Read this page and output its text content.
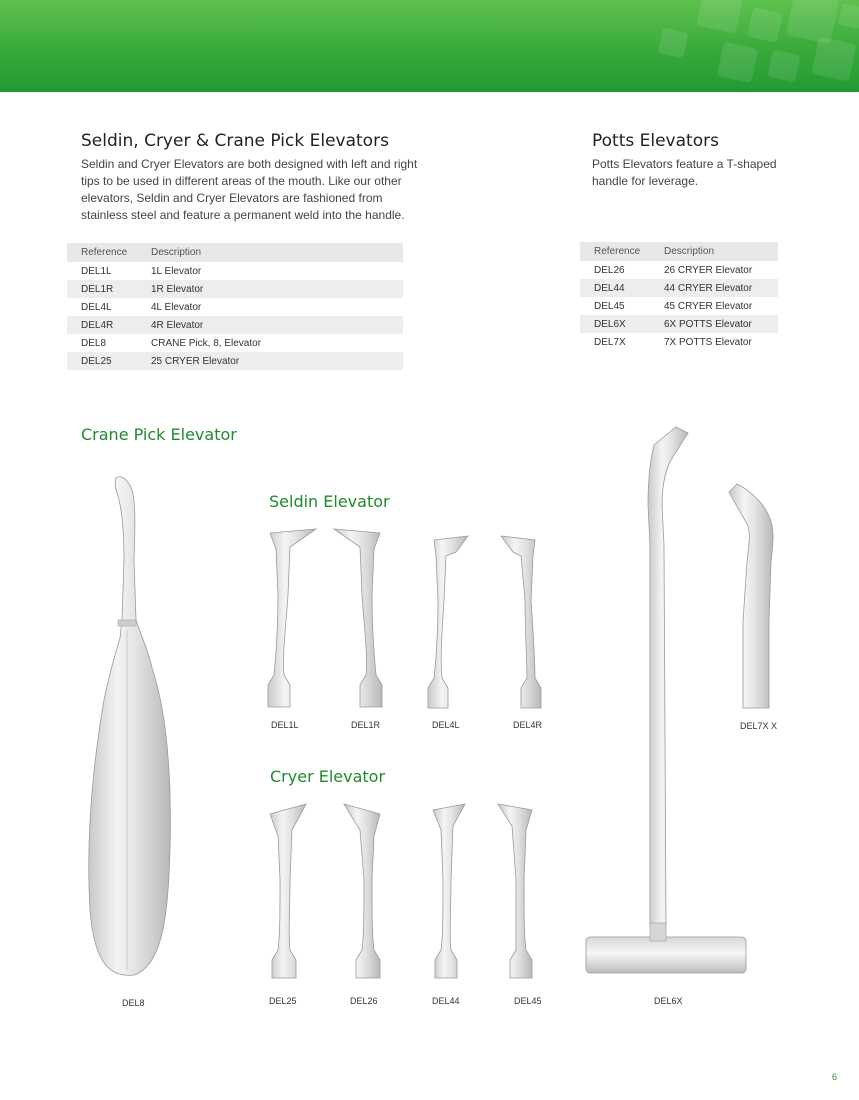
Seldin, Cryer & Crane Pick Elevators

Seldin and Cryer Elevators are both designed with left and right tips to be used in different areas of the mouth. Like our other elevators, Seldin and Cryer Elevators are fashioned from stainless steel and feature a permanent weld into the handle.

Reference	Description
DEL1L	1L Elevator
DEL1R	1R Elevator
DEL4L	4L Elevator
DEL4R	4R Elevator
DEL8	CRANE Pick, 8, Elevator
DEL25	25 CRYER Elevator
Potts Elevators

Potts Elevators feature a T-shaped handle for leverage.

Reference	Description
DEL26	26 CRYER Elevator
DEL44	44 CRYER Elevator
DEL45	45 CRYER Elevator
DEL6X	6X POTTS Elevator
DEL7X	7X POTTS Elevator
Crane Pick Elevator
Seldin Elevator
Cryer Elevator
DEL8
DEL1L	DEL1R	DEL4L	DEL4R	DEL7X X
DEL25	DEL26	DEL44	DEL45	DEL6X
6
